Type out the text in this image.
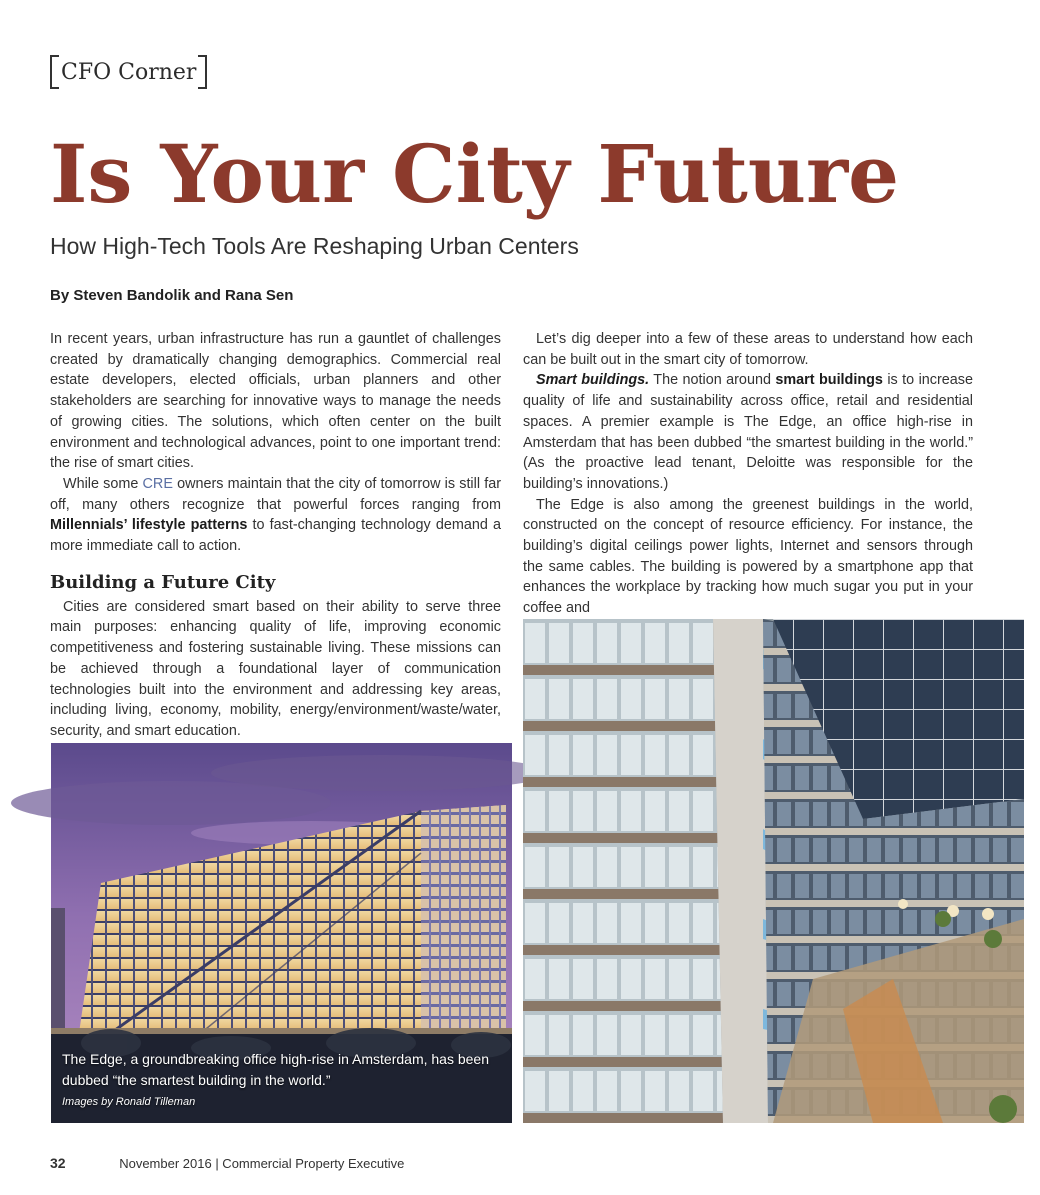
CFO Corner
Is Your City Future
How High-Tech Tools Are Reshaping Urban Centers
By Steven Bandolik and Rana Sen

In recent years, urban infrastructure has run a gauntlet of challenges created by dramatically changing demographics. Commercial real estate developers, elected officials, urban planners and other stakeholders are searching for innovative ways to manage the needs of growing cities. The solutions, which often center on the built environment and technological advances, point to one important trend: the rise of smart cities.

While some CRE owners maintain that the city of tomorrow is still far off, many others recognize that powerful forces ranging from Millennials’ lifestyle patterns to fast-changing technology demand a more immediate call to action.

Building a Future City

Cities are considered smart based on their ability to serve three main purposes: enhancing quality of life, improving economic competitiveness and fostering sustainable living. These missions can be achieved through a foundational layer of communication technologies built into the environment and addressing key areas, including living, economy, mobility, energy/environment/waste/water, security, and smart education.

Let’s dig deeper into a few of these areas to understand how each can be built out in the smart city of tomorrow.

Smart buildings. The notion around smart buildings is to increase quality of life and sustainability across office, retail and residential spaces. A premier example is The Edge, an office high-rise in Amsterdam that has been dubbed “the smartest building in the world.” (As the proactive lead tenant, Deloitte was responsible for the building’s innovations.)

The Edge is also among the greenest buildings in the world, constructed on the concept of resource efficiency. For instance, the building’s digital ceilings power lights, Internet and sensors through the same cables. The building is powered by a smartphone app that enhances the workplace by tracking how much sugar you put in your coffee and

The Edge, a groundbreaking office high-rise in Amsterdam, has been dubbed “the smartest building in the world.”
Images by Ronald Tilleman
32	November 2016 | Commercial Property Executive
